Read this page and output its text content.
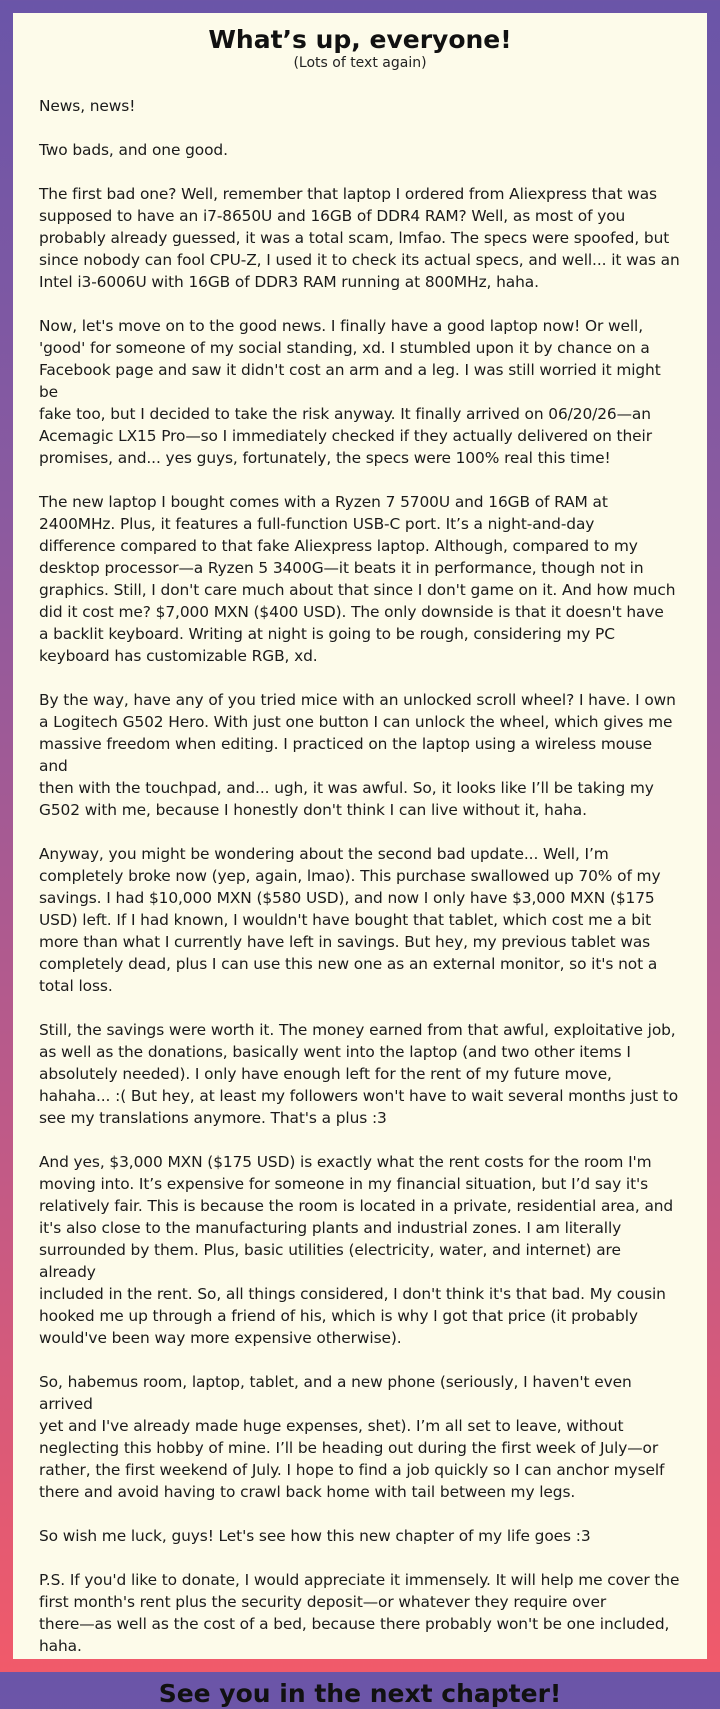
What’s up, everyone!

(Lots of text again)

News, news!

Two bads, and one good.

The first bad one? Well, remember that laptop I ordered from Aliexpress that was
supposed to have an i7-8650U and 16GB of DDR4 RAM? Well, as most of you
probably already guessed, it was a total scam, lmfao. The specs were spoofed, but
since nobody can fool CPU-Z, I used it to check its actual specs, and well... it was an
Intel i3-6006U with 16GB of DDR3 RAM running at 800MHz, haha.

Now, let's move on to the good news. I finally have a good laptop now! Or well,
'good' for someone of my social standing, xd. I stumbled upon it by chance on a
Facebook page and saw it didn't cost an arm and a leg. I was still worried it might be
fake too, but I decided to take the risk anyway. It finally arrived on 06/20/26—an
Acemagic LX15 Pro—so I immediately checked if they actually delivered on their
promises, and... yes guys, fortunately, the specs were 100% real this time!

The new laptop I bought comes with a Ryzen 7 5700U and 16GB of RAM at
2400MHz. Plus, it features a full-function USB-C port. It’s a night-and-day
difference compared to that fake Aliexpress laptop. Although, compared to my
desktop processor—a Ryzen 5 3400G—it beats it in performance, though not in
graphics. Still, I don't care much about that since I don't game on it. And how much
did it cost me? $7,000 MXN ($400 USD). The only downside is that it doesn't have
a backlit keyboard. Writing at night is going to be rough, considering my PC
keyboard has customizable RGB, xd.

By the way, have any of you tried mice with an unlocked scroll wheel? I have. I own
a Logitech G502 Hero. With just one button I can unlock the wheel, which gives me
massive freedom when editing. I practiced on the laptop using a wireless mouse and
then with the touchpad, and... ugh, it was awful. So, it looks like I’ll be taking my
G502 with me, because I honestly don't think I can live without it, haha.

Anyway, you might be wondering about the second bad update... Well, I’m
completely broke now (yep, again, lmao). This purchase swallowed up 70% of my
savings. I had $10,000 MXN ($580 USD), and now I only have $3,000 MXN ($175
USD) left. If I had known, I wouldn't have bought that tablet, which cost me a bit
more than what I currently have left in savings. But hey, my previous tablet was
completely dead, plus I can use this new one as an external monitor, so it's not a
total loss.

Still, the savings were worth it. The money earned from that awful, exploitative job,
as well as the donations, basically went into the laptop (and two other items I
absolutely needed). I only have enough left for the rent of my future move,
hahaha... :( But hey, at least my followers won't have to wait several months just to
see my translations anymore. That's a plus :3

And yes, $3,000 MXN ($175 USD) is exactly what the rent costs for the room I'm
moving into. It’s expensive for someone in my financial situation, but I’d say it's
relatively fair. This is because the room is located in a private, residential area, and
it's also close to the manufacturing plants and industrial zones. I am literally
surrounded by them. Plus, basic utilities (electricity, water, and internet) are already
included in the rent. So, all things considered, I don't think it's that bad. My cousin
hooked me up through a friend of his, which is why I got that price (it probably
would've been way more expensive otherwise).

So, habemus room, laptop, tablet, and a new phone (seriously, I haven't even arrived
yet and I've already made huge expenses, shet). I’m all set to leave, without
neglecting this hobby of mine. I’ll be heading out during the first week of July—or
rather, the first weekend of July. I hope to find a job quickly so I can anchor myself
there and avoid having to crawl back home with tail between my legs.

So wish me luck, guys! Let's see how this new chapter of my life goes :3

P.S. If you'd like to donate, I would appreciate it immensely. It will help me cover the
first month's rent plus the security deposit—or whatever they require over
there—as well as the cost of a bed, because there probably won't be one included,
haha.

See you in the next chapter!
